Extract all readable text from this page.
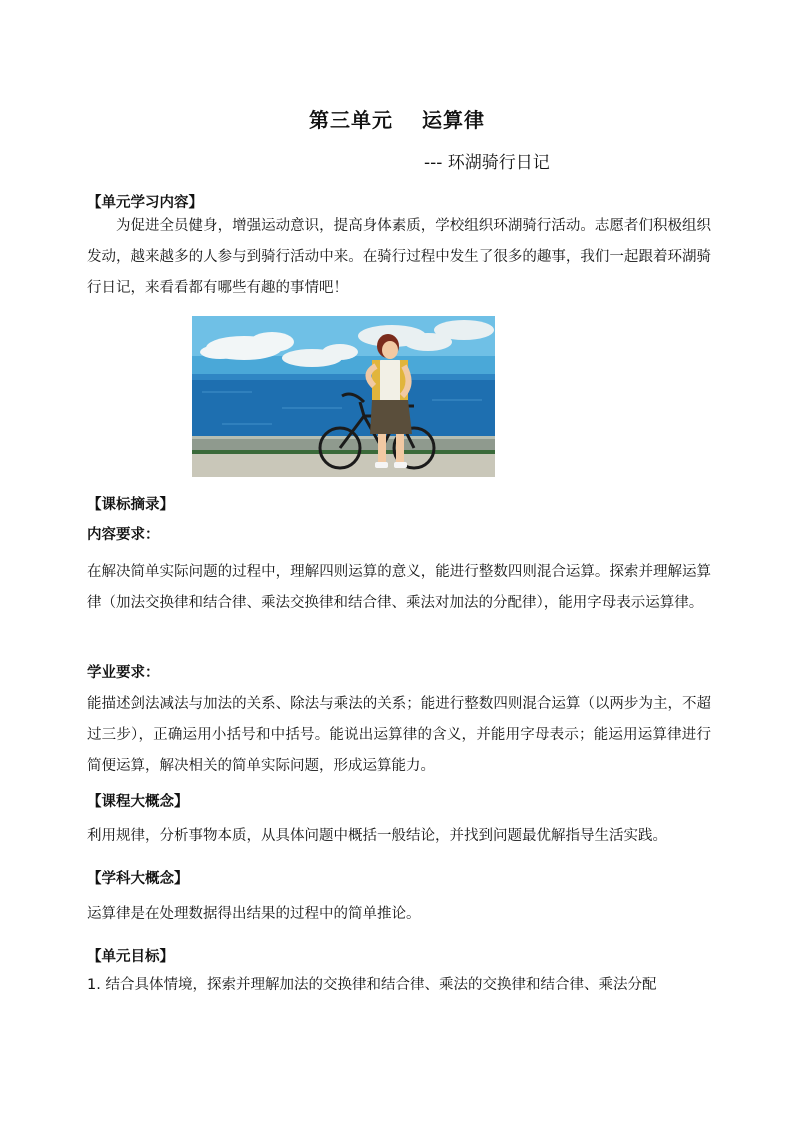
第三单元　 运算律
--- 环湖骑行日记
【单元学习内容】
为促进全员健身，增强运动意识，提高身体素质，学校组织环湖骑行活动。志愿者们积极组织发动，越来越多的人参与到骑行活动中来。在骑行过程中发生了很多的趣事，我们一起跟着环湖骑行日记，来看看都有哪些有趣的事情吧！
【课标摘录】
内容要求：
在解决简单实际问题的过程中，理解四则运算的意义，能进行整数四则混合运算。探索并理解运算律（加法交换律和结合律、乘法交换律和结合律、乘法对加法的分配律），能用字母表示运算律。
学业要求：
能描述剑法减法与加法的关系、除法与乘法的关系；能进行整数四则混合运算（以两步为主，不超过三步），正确运用小括号和中括号。能说出运算律的含义，并能用字母表示；能运用运算律进行简便运算，解决相关的简单实际问题，形成运算能力。
【课程大概念】
利用规律，分析事物本质，从具体问题中概括一般结论，并找到问题最优解指导生活实践。
【学科大概念】
运算律是在处理数据得出结果的过程中的简单推论。
【单元目标】
1. 结合具体情境，探索并理解加法的交换律和结合律、乘法的交换律和结合律、乘法分配
